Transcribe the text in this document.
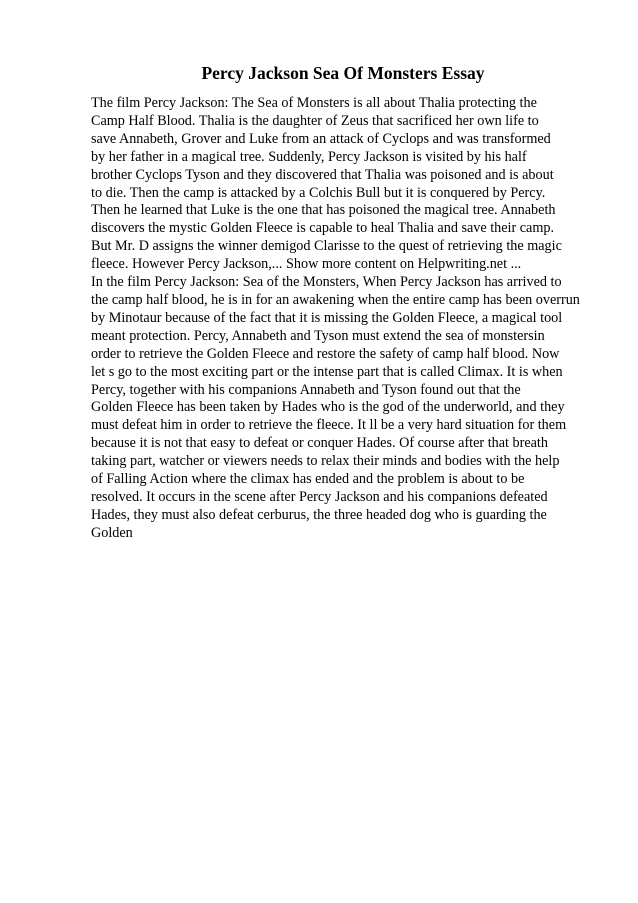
Percy Jackson Sea Of Monsters Essay
The film Percy Jackson: The Sea of Monsters is all about Thalia protecting the
Camp Half Blood. Thalia is the daughter of Zeus that sacrificed her own life to
save Annabeth, Grover and Luke from an attack of Cyclops and was transformed
by her father in a magical tree. Suddenly, Percy Jackson is visited by his half
brother Cyclops Tyson and they discovered that Thalia was poisoned and is about
to die. Then the camp is attacked by a Colchis Bull but it is conquered by Percy.
Then he learned that Luke is the one that has poisoned the magical tree. Annabeth
discovers the mystic Golden Fleece is capable to heal Thalia and save their camp.
But Mr. D assigns the winner demigod Clarisse to the quest of retrieving the magic
fleece. However Percy Jackson,... Show more content on Helpwriting.net ...
In the film Percy Jackson: Sea of the Monsters, When Percy Jackson has arrived to
the camp half blood, he is in for an awakening when the entire camp has been overrun
by Minotaur because of the fact that it is missing the Golden Fleece, a magical tool
meant protection. Percy, Annabeth and Tyson must extend the sea of monstersin
order to retrieve the Golden Fleece and restore the safety of camp half blood. Now
let s go to the most exciting part or the intense part that is called Climax. It is when
Percy, together with his companions Annabeth and Tyson found out that the
Golden Fleece has been taken by Hades who is the god of the underworld, and they
must defeat him in order to retrieve the fleece. It ll be a very hard situation for them
because it is not that easy to defeat or conquer Hades. Of course after that breath
taking part, watcher or viewers needs to relax their minds and bodies with the help
of Falling Action where the climax has ended and the problem is about to be
resolved. It occurs in the scene after Percy Jackson and his companions defeated
Hades, they must also defeat cerburus, the three headed dog who is guarding the
Golden
